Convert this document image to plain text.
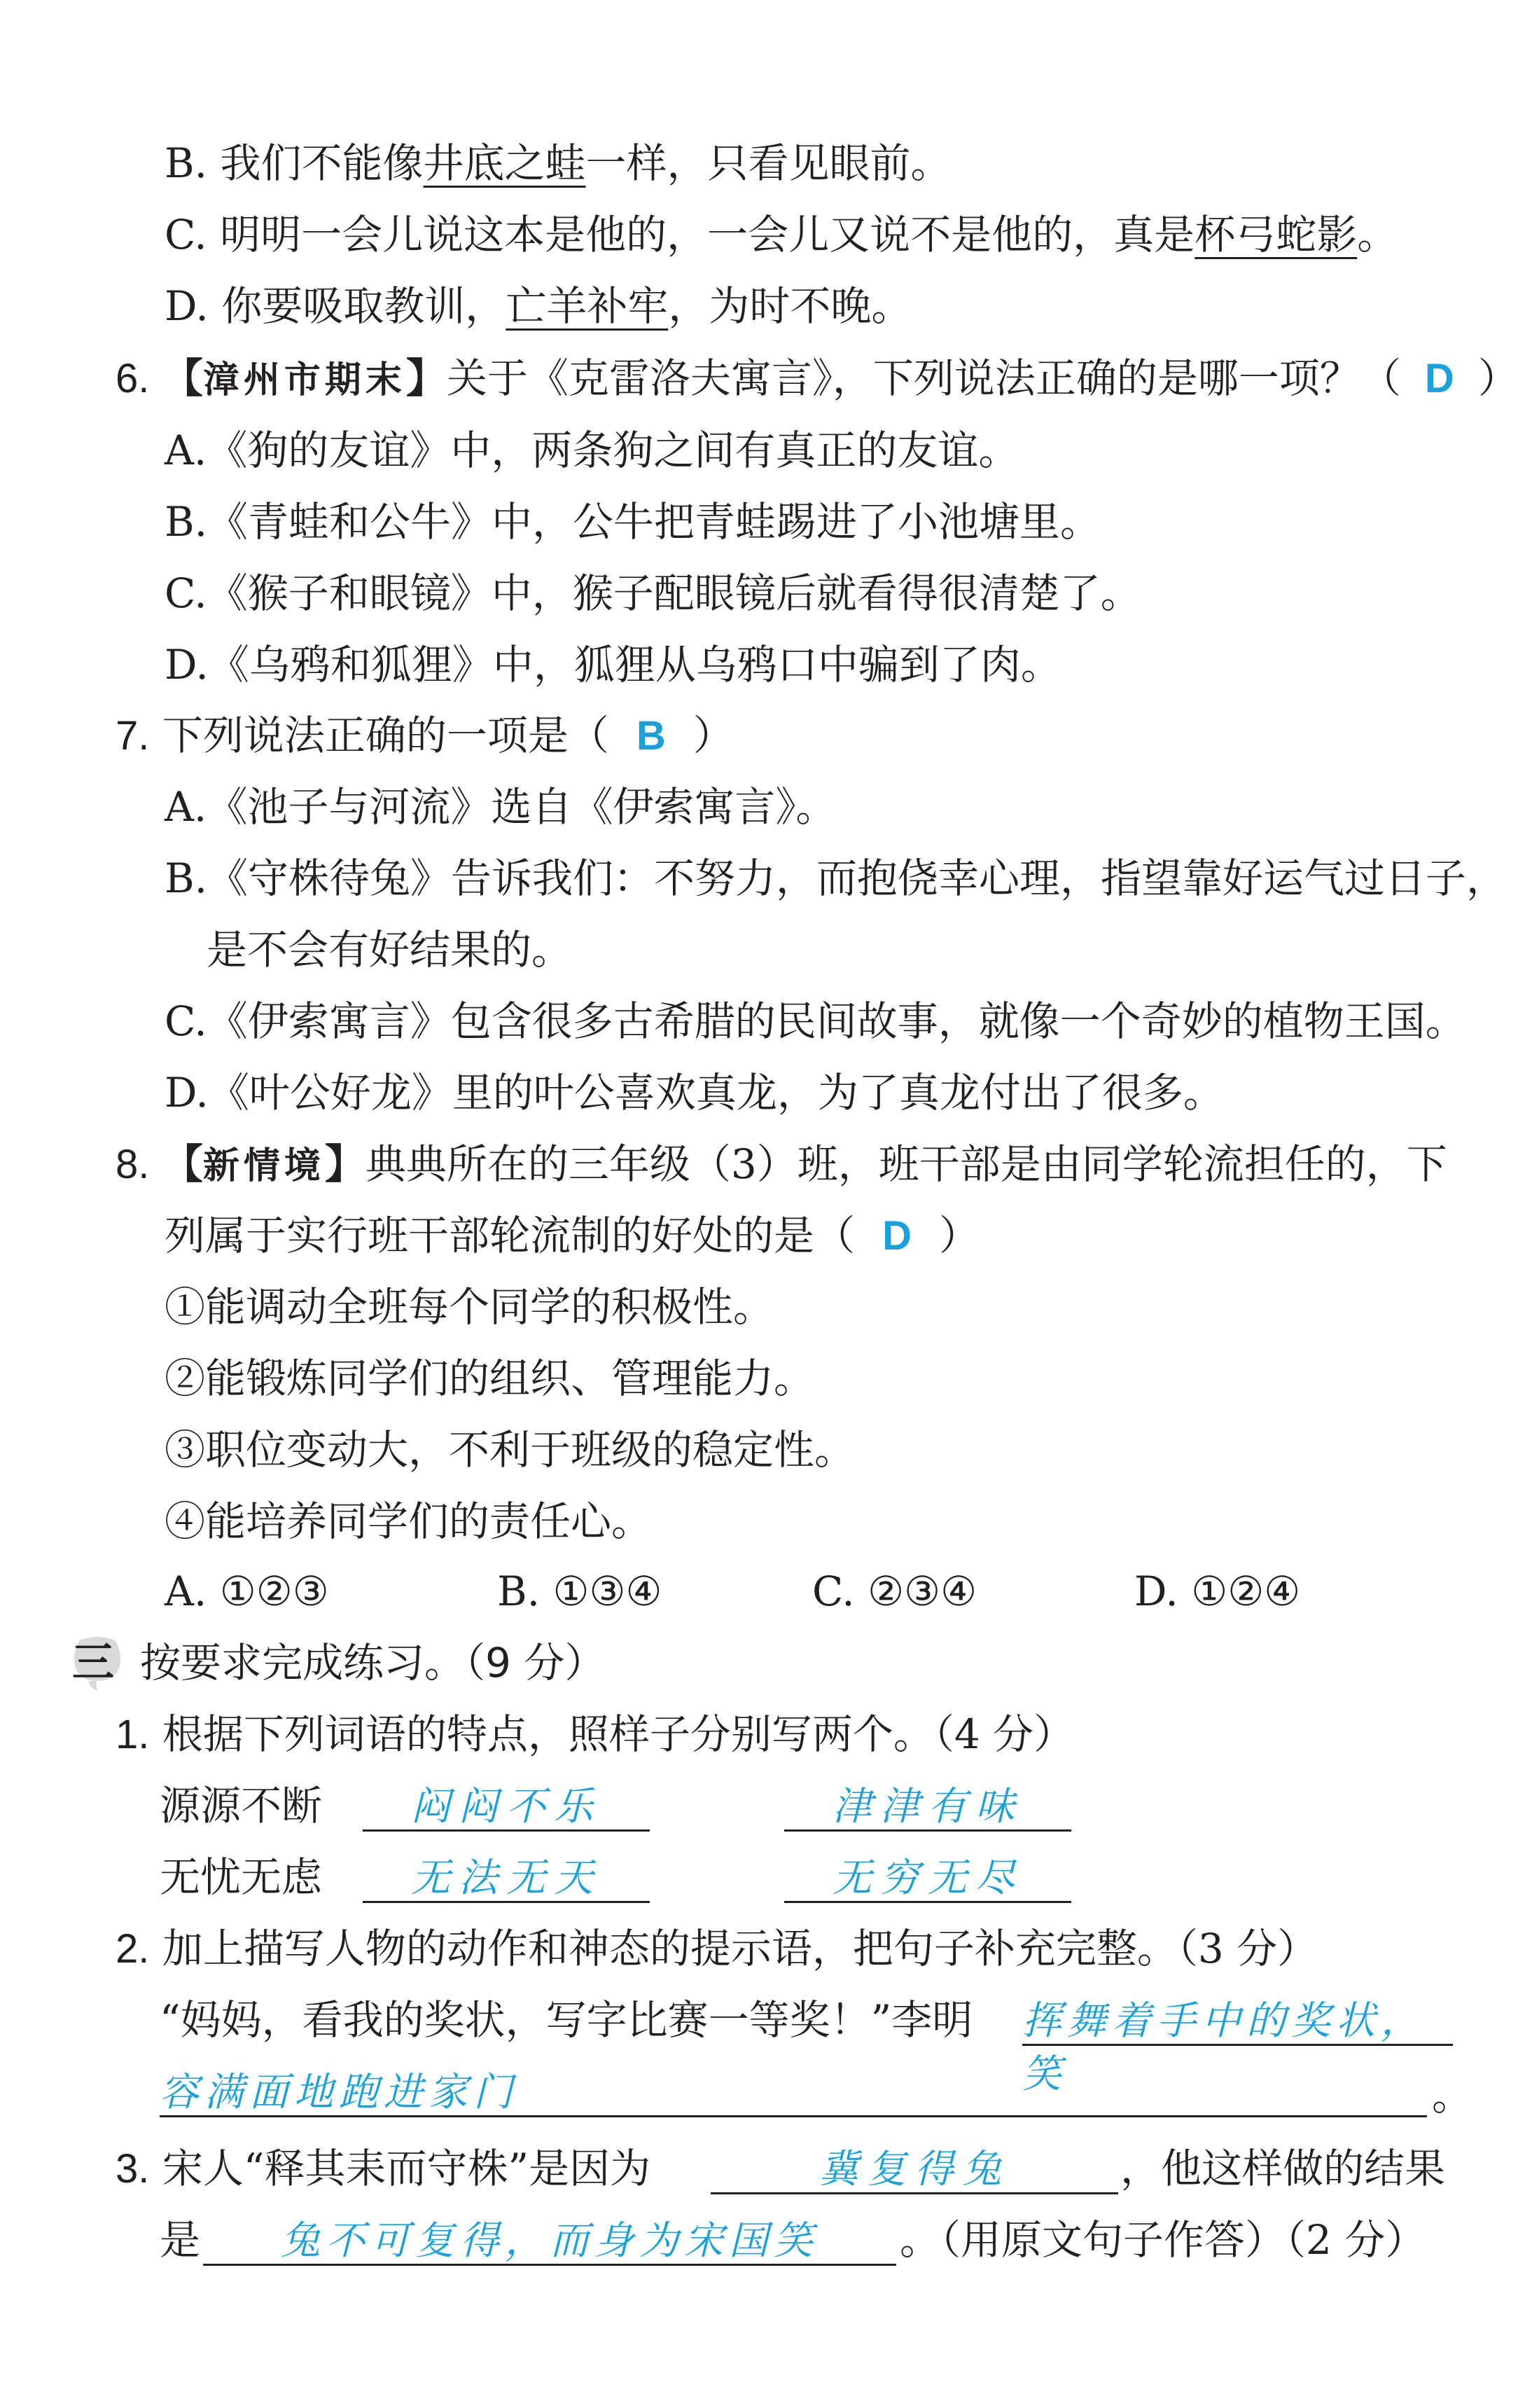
B. 我们不能像井底之蛙一样，只看见眼前。
C. 明明一会儿说这本是他的，一会儿又说不是他的，真是杯弓蛇影。
D. 你要吸取教训，亡羊补牢，为时不晚。
6. 【漳州市期末】关于《克雷洛夫寓言》，下列说法正确的是哪一项？（ D ）
A.《狗的友谊》中，两条狗之间有真正的友谊。
B.《青蛙和公牛》中，公牛把青蛙踢进了小池塘里。
C.《猴子和眼镜》中，猴子配眼镜后就看得很清楚了。
D.《乌鸦和狐狸》中，狐狸从乌鸦口中骗到了肉。
7. 下列说法正确的一项是（ B ）
A.《池子与河流》选自《伊索寓言》。
B.《守株待兔》告诉我们：不努力，而抱侥幸心理，指望靠好运气过日子，
是不会有好结果的。
C.《伊索寓言》包含很多古希腊的民间故事，就像一个奇妙的植物王国。
D.《叶公好龙》里的叶公喜欢真龙，为了真龙付出了很多。
8. 【新情境】典典所在的三年级（3）班，班干部是由同学轮流担任的，下
列属于实行班干部轮流制的好处的是（ D ）
①能调动全班每个同学的积极性。
②能锻炼同学们的组织、管理能力。
③职位变动大，不利于班级的稳定性。
④能培养同学们的责任心。
A. ①②③	B. ①③④	C. ②③④	D. ①②④
三 按要求完成练习。（9 分）
1. 根据下列词语的特点，照样子分别写两个。（4 分）
源源不断	闷闷不乐	津津有味
无忧无虑	无法无天	无穷无尽
2. 加上描写人物的动作和神态的提示语，把句子补充完整。（3 分）
“妈妈，看我的奖状，写字比赛一等奖！”李明 挥舞着手中的奖状，笑
容满面地跑进家门	。
3. 宋人“释其耒而守株”是因为	冀复得兔	，他这样做的结果
是	兔不可复得，而身为宋国笑	。（用原文句子作答）（2 分）
